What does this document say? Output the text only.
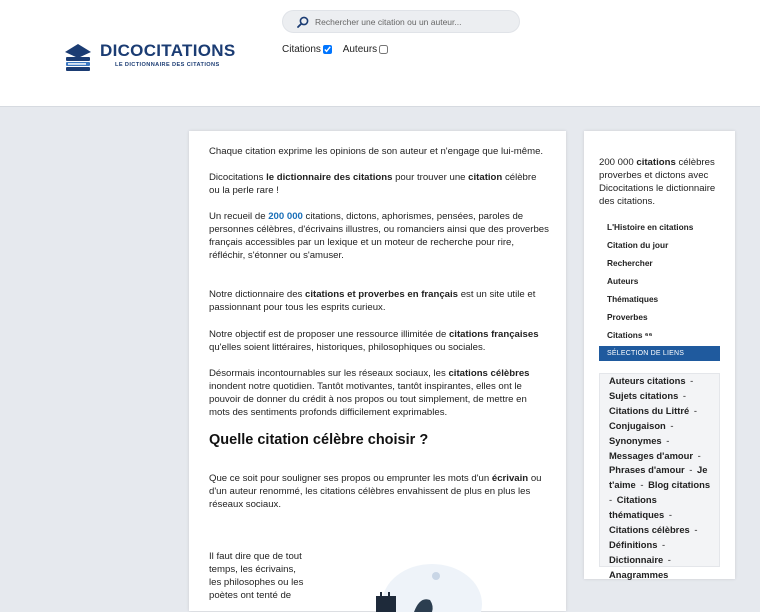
DICOCITATIONS
LE DICTIONNAIRE DES CITATIONS
Rechercher une citation ou un auteur...
Citations
Auteurs

Chaque citation exprime les opinions de son auteur et n'engage que lui-même.

Dicocitations le dictionnaire des citations pour trouver une citation célèbre ou la perle rare !

Un recueil de 200 000 citations, dictons, aphorismes, pensées, paroles de personnes célèbres, d'écrivains illustres, ou romanciers ainsi que des proverbes français accessibles par un lexique et un moteur de recherche pour rire, réfléchir, s'étonner ou s'amuser.

Notre dictionnaire des citations et proverbes en français est un site utile et passionnant pour tous les esprits curieux.

Notre objectif est de proposer une ressource illimitée de citations françaises qu'elles soient littéraires, historiques, philosophiques ou sociales.

Désormais incontournables sur les réseaux sociaux, les citations célèbres inondent notre quotidien. Tantôt motivantes, tantôt inspirantes, elles ont le pouvoir de donner du crédit à nos propos ou tout simplement, de mettre en mots des sentiments profonds difficilement exprimables.

Quelle citation célèbre choisir ?

Que ce soit pour souligner ses propos ou emprunter les mots d'un écrivain ou d'un auteur renommé, les citations célèbres envahissent de plus en plus les réseaux sociaux.

Il faut dire que de tout temps, les écrivains, les philosophes ou les poètes ont tenté de

200 000 citations célèbres proverbes et dictons avec Dicocitations le dictionnaire des citations.

L'Histoire en citations
Citation du jour
Rechercher
Auteurs
Thématiques
Proverbes
Citations ⁶⁶
SÉLECTION DE LIENS
Auteurs citations - Sujets citations - Citations du Littré - Conjugaison - Synonymes - Messages d'amour - Phrases d'amour - Je t'aime - Blog citations - Citations thématiques - Citations célèbres - Définitions - Dictionnaire - Anagrammes
